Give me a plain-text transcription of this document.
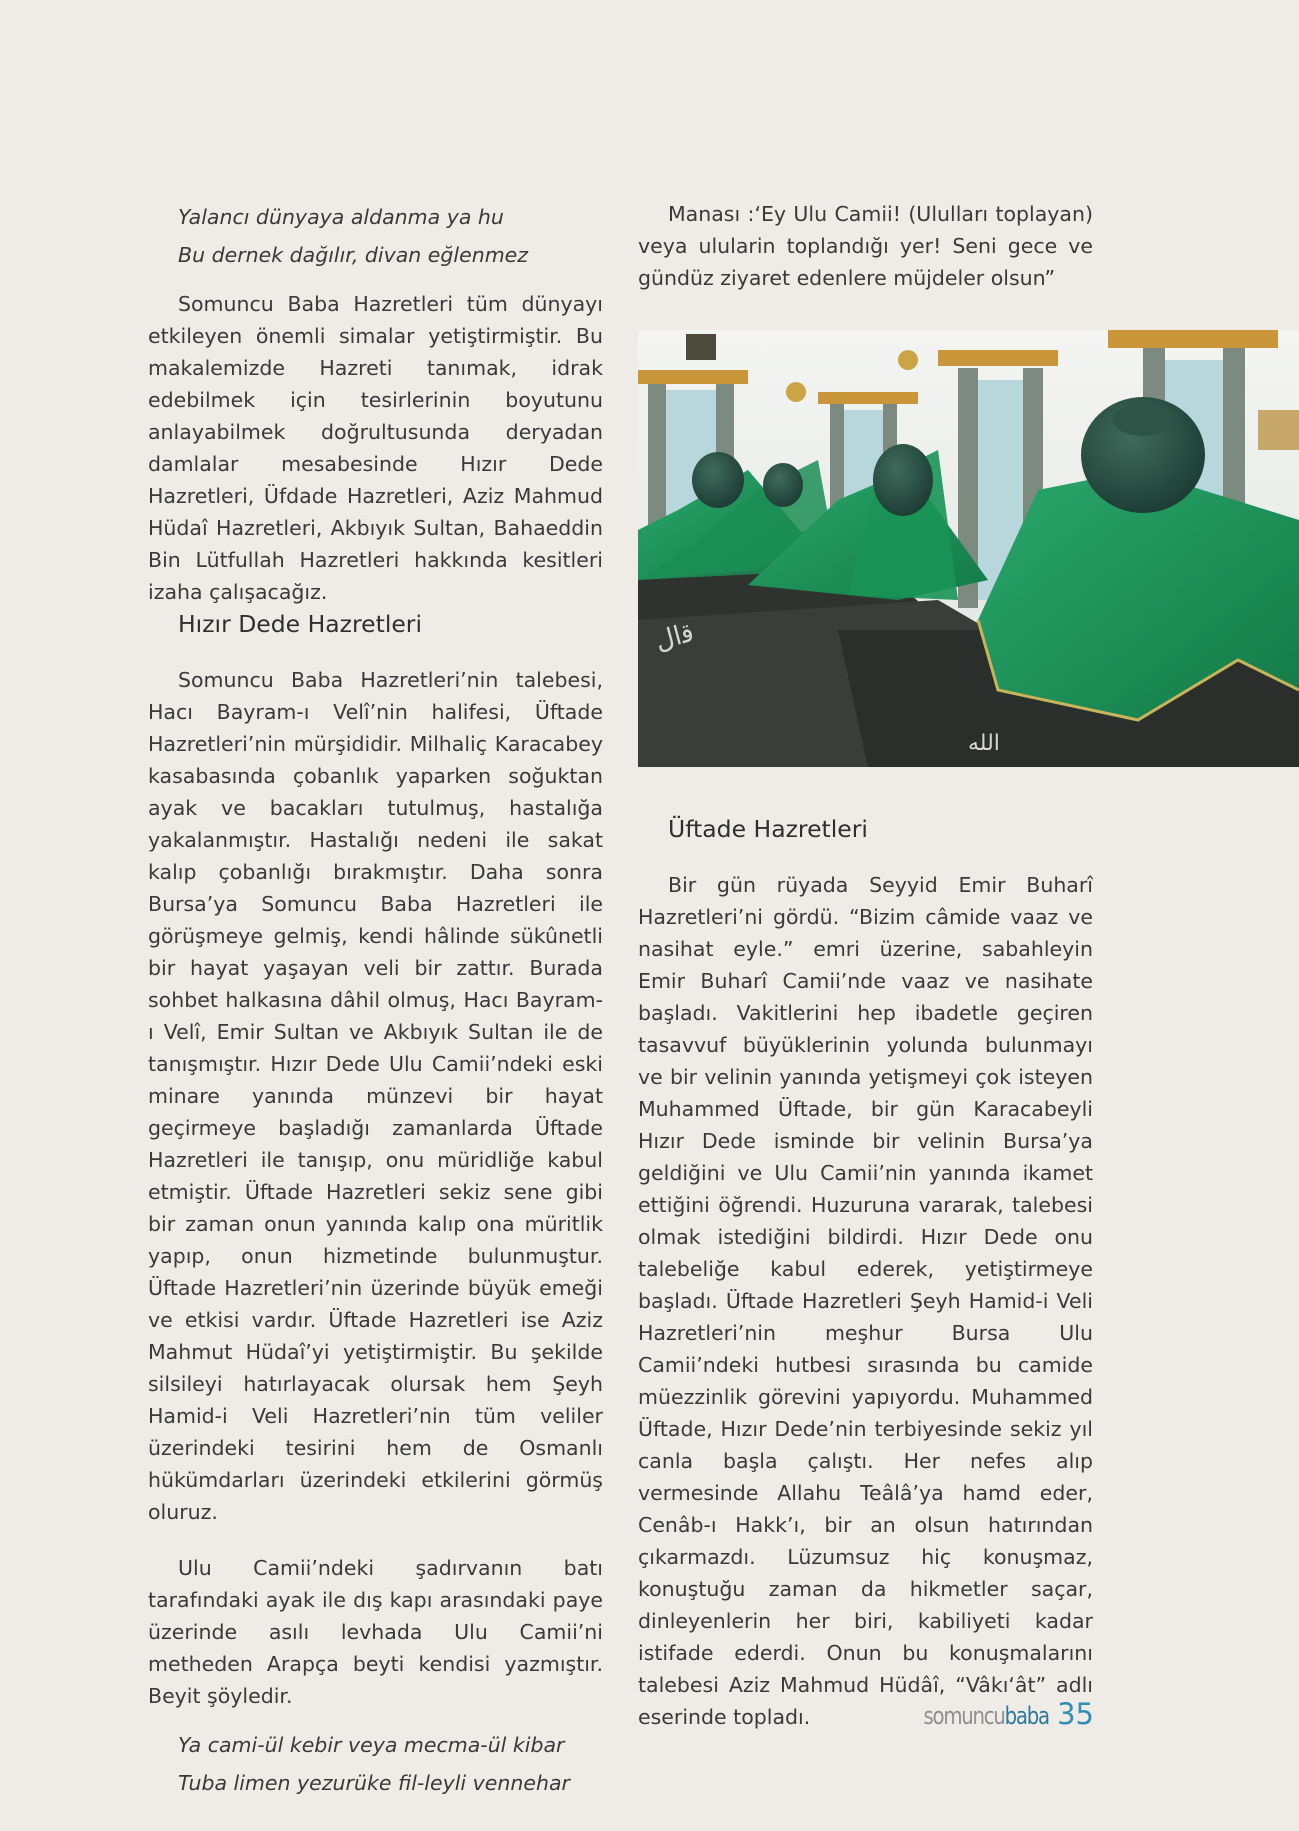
Yalancı dünyaya aldanma ya hu

Bu dernek dağılır, divan eğlenmez

Somuncu Baba Hazretleri tüm dünyayı etkileyen önemli simalar yetiştirmiştir. Bu makalemizde Hazreti tanımak, idrak edebilmek için tesirlerinin boyutunu anlayabilmek doğrultusunda deryadan damlalar mesabesinde Hızır Dede Hazretleri, Üfdade Hazretleri, Aziz Mahmud Hüdaî Hazretleri, Akbıyık Sultan, Bahaeddin Bin Lütfullah Hazretleri hakkında kesitleri izaha çalışacağız.

Hızır Dede Hazretleri

Somuncu Baba Hazretleri’nin talebesi, Hacı Bayram-ı Velî’nin halifesi, Üftade Hazretleri’nin mürşididir. Milhaliç Karacabey kasabasında çobanlık yaparken soğuktan ayak ve bacakları tutulmuş, hastalığa yakalanmıştır. Hastalığı nedeni ile sakat kalıp çobanlığı bırakmıştır. Daha sonra Bursa’ya Somuncu Baba Hazretleri ile görüşmeye gelmiş, kendi hâlinde sükûnetli bir hayat yaşayan veli bir zattır. Burada sohbet halkasına dâhil olmuş, Hacı Bayram-ı Velî, Emir Sultan ve Akbıyık Sultan ile de tanışmıştır. Hızır Dede Ulu Camii’ndeki eski minare yanında münzevi bir hayat geçirmeye başladığı zamanlarda Üftade Hazretleri ile tanışıp, onu müridliğe kabul etmiştir. Üftade Hazretleri sekiz sene gibi bir zaman onun yanında kalıp ona müritlik yapıp, onun hizmetinde bulunmuştur. Üftade Hazretleri’nin üzerinde büyük emeği ve etkisi vardır. Üftade Hazretleri ise Aziz Mahmut Hüdaî’yi yetiştirmiştir. Bu şekilde silsileyi hatırlayacak olursak hem Şeyh Hamid-i Veli Hazretleri’nin tüm veliler üzerindeki tesirini hem de Osmanlı hükümdarları üzerindeki etkilerini görmüş oluruz.

Ulu Camii’ndeki şadırvanın batı tarafındaki ayak ile dış kapı arasındaki paye üzerinde asılı levhada Ulu Camii’ni metheden Arapça beyti kendisi yazmıştır. Beyit şöyledir.

Ya cami-ül kebir veya mecma-ül kibar

Tuba limen yezurüke fil-leyli vennehar

Manası :‘Ey Ulu Camii! (Ululları toplayan) veya ulularin toplandığı yer! Seni gece ve gündüz ziyaret edenlere müjdeler olsun”

ﻗﺍﻝ
ﺍﻟﻠﻪ
Üftade Hazretleri

Bir gün rüyada Seyyid Emir Buharî Hazretleri’ni gördü. “Bizim câmide vaaz ve nasihat eyle.” emri üzerine, sabahleyin Emir Buharî Camii’nde vaaz ve nasihate başladı. Vakitlerini hep ibadetle geçiren tasavvuf büyüklerinin yolunda bulunmayı ve bir velinin yanında yetişmeyi çok isteyen Muhammed Üftade, bir gün Karacabeyli Hızır Dede isminde bir velinin Bursa’ya geldiğini ve Ulu Camii’nin yanında ikamet ettiğini öğrendi. Huzuruna vararak, talebesi olmak istediğini bildirdi. Hızır Dede onu talebeliğe kabul ederek, yetiştirmeye başladı. Üftade Hazretleri Şeyh Hamid-i Veli Hazretleri’nin meşhur Bursa Ulu Camii’ndeki hutbesi sırasında bu camide müezzinlik görevini yapıyordu. Muhammed Üftade, Hızır Dede’nin terbiyesinde sekiz yıl canla başla çalıştı. Her nefes alıp vermesinde Allahu Teâlâ’ya hamd eder, Cenâb-ı Hakk’ı, bir an olsun hatırından çıkarmazdı. Lüzumsuz hiç konuşmaz, konuştuğu zaman da hikmetler saçar, dinleyenlerin her biri, kabiliyeti kadar istifade ederdi. Onun bu konuşmalarını talebesi Aziz Mahmud Hüdâî, “Vâkı‘ât” adlı eserinde topladı.	somuncubaba 35
